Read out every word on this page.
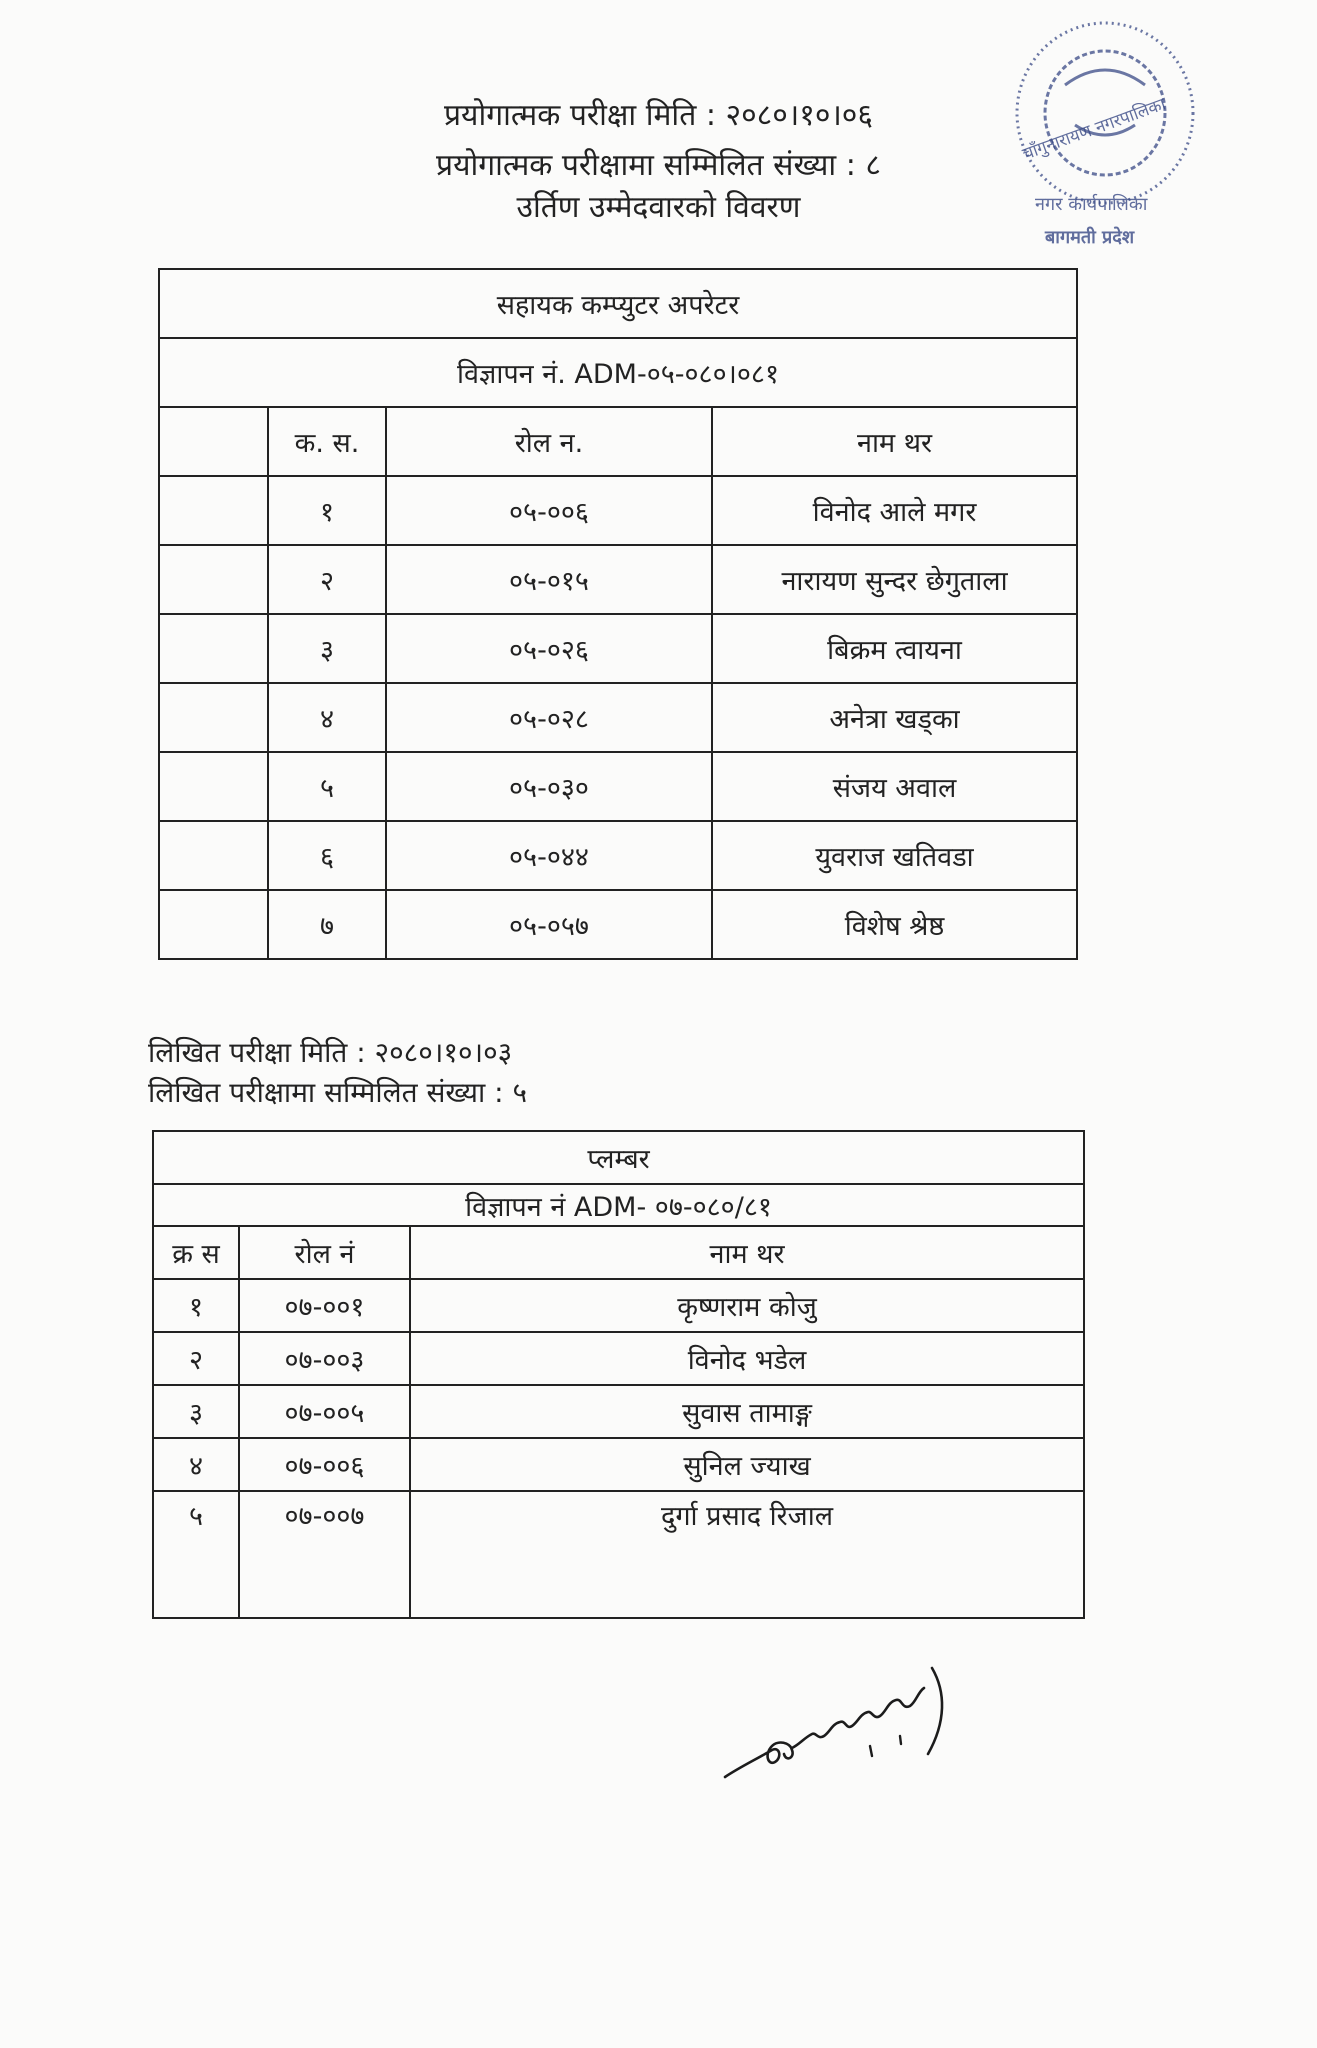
प्रयोगात्मक परीक्षा मिति : २०८०।१०।०६
प्रयोगात्मक परीक्षामा सम्मिलित संख्या : ८
उर्तिण उम्मेदवारको विवरण
चाँगुनारायण नगरपालिका
नगर कार्यपालिका
बागमती प्रदेश
सहायक कम्प्युटर अपरेटर			
विज्ञापन नं. ADM-०५-०८०।०८१			
	क. स.	रोल न.	नाम थर
	१	०५-००६	विनोद आले मगर
	२	०५-०१५	नारायण सुन्दर छेगुताला
	३	०५-०२६	बिक्रम त्वायना
	४	०५-०२८	अनेत्रा खड्का
	५	०५-०३०	संजय अवाल
	६	०५-०४४	युवराज खतिवडा
	७	०५-०५७	विशेष श्रेष्ठ
लिखित परीक्षा मिति : २०८०।१०।०३
लिखित परीक्षामा सम्मिलित संख्या : ५
प्लम्बर		
विज्ञापन नं ADM- ०७-०८०/८१		
क्र स	रोल नं	नाम थर
१	०७-००१	कृष्णराम कोजु
२	०७-००३	विनोद भडेल
३	०७-००५	सुवास तामाङ्ग
४	०७-००६	सुनिल ज्याख
५	०७-००७	दुर्गा प्रसाद रिजाल
